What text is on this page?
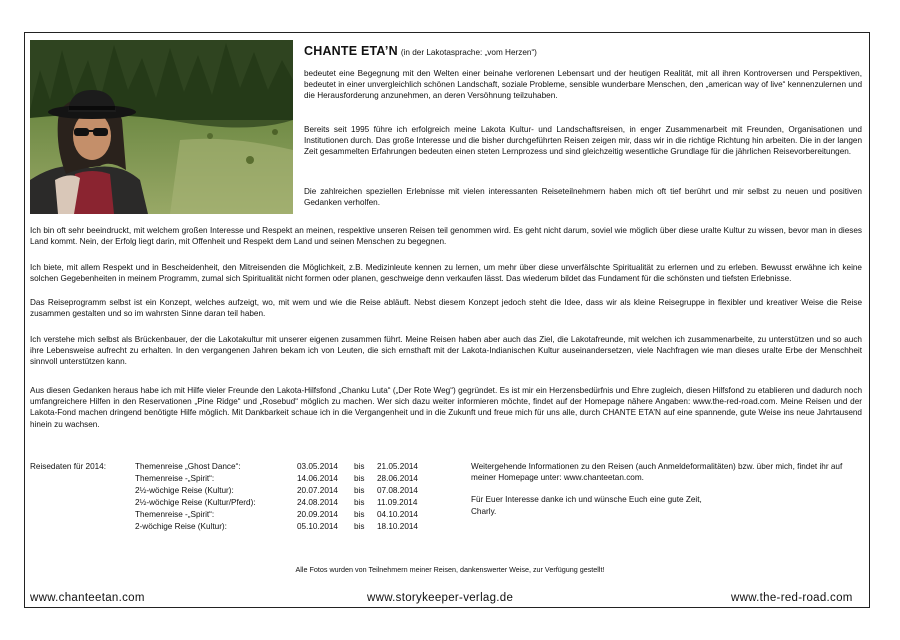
CHANTE ETA’N (in der Lakotasprache: „vom Herzen“)

bedeutet eine Begegnung mit den Welten einer beinahe verlorenen Lebensart und der heutigen Realität, mit all ihren Kontroversen und Perspektiven, bedeutet in einer unvergleichlich schönen Landschaft, soziale Probleme, sensible wunderbare Menschen, den „american way of live“ kennenzulernen und die Herausforderung anzunehmen, an deren Versöhnung teilzuhaben.

Bereits seit 1995 führe ich erfolgreich meine Lakota Kultur- und Landschaftsreisen, in enger Zusammenarbeit mit Freunden, Organisationen und Institutionen durch. Das große Interesse und die bisher durchgeführten Reisen zeigen mir, dass wir in die richtige Richtung hin arbeiten. Die in der langen Zeit gesammelten Erfahrungen bedeuten einen steten Lernprozess und sind gleichzeitig wesentliche Grundlage für die jährlichen Reisevorbereitungen.

Die zahlreichen speziellen Erlebnisse mit vielen interessanten Reiseteilnehmern haben mich oft tief berührt und mir selbst zu neuen und positiven Gedanken verholfen.

Ich bin oft sehr beeindruckt, mit welchem großen Interesse und Respekt an meinen, respektive unseren Reisen teil genommen wird. Es geht nicht darum, soviel wie möglich über diese uralte Kultur zu wissen, bevor man in dieses Land kommt. Nein, der Erfolg liegt darin, mit Offenheit und Respekt dem Land und seinen Menschen zu begegnen.

Ich biete, mit allem Respekt und in Bescheidenheit, den Mitreisenden die Möglichkeit, z.B. Medizinleute kennen zu lernen, um mehr über diese unverfälschte Spiritualität zu erlernen und zu erleben. Bewusst erwähne ich keine solchen Gegebenheiten in meinem Programm, zumal sich Spiritualität nicht formen oder planen, geschweige denn verkaufen lässt. Das wiederum bildet das Fundament für die schönsten und tiefsten Erlebnisse.

Das Reiseprogramm selbst ist ein Konzept, welches aufzeigt, wo, mit wem und wie die Reise abläuft. Nebst diesem Konzept jedoch steht die Idee, dass wir als kleine Reisegruppe in flexibler und kreativer Weise die Reise zusammen gestalten und so im wahrsten Sinne daran teil haben.

Ich verstehe mich selbst als Brückenbauer, der die Lakotakultur mit unserer eigenen zusammen führt. Meine Reisen haben aber auch das Ziel, die Lakotafreunde, mit welchen ich zusammenarbeite, zu unterstützen und so auch ihre Lebensweise aufrecht zu erhalten. In den vergangenen Jahren bekam ich von Leuten, die sich ernsthaft mit der Lakota-Indianischen Kultur auseinandersetzen, viele Nachfragen wie man dieses uralte Erbe der Menschheit sinnvoll unterstützen kann.

Aus diesen Gedanken heraus habe ich mit Hilfe vieler Freunde den Lakota-Hilfsfond „Chanku Luta“ („Der Rote Weg“) gegründet. Es ist mir ein Herzensbedürfnis und Ehre zugleich, diesen Hilfsfond zu etablieren und dadurch noch umfangreichere Hilfen in den Reservationen „Pine Ridge“ und „Rosebud“ möglich zu machen. Wer sich dazu weiter informieren möchte, findet auf der Homepage nähere Angaben: www.the-red-road.com. Meine Reisen und der Lakota-Fond machen dringend benötigte Hilfe möglich. Mit Dankbarkeit schaue ich in die Vergangenheit und in die Zukunft und freue mich für uns alle, durch CHANTE ETA’N auf eine spannende, gute Weise ins neue Jahrtausend hinein zu wachsen.

Reisedaten für 2014:	Themenreise „Ghost Dance“:	03.05.2014 bis 21.05.2014
Themenreise -„Spirit“:	14.06.2014 bis 28.06.2014
2½-wöchige Reise (Kultur):	20.07.2014 bis 07.08.2014
2½-wöchige Reise (Kultur/Pferd):	24.08.2014 bis 11.09.2014
Themenreise -„Spirit“:	20.09.2014 bis 04.10.2014
2-wöchige Reise (Kultur):	05.10.2014 bis 18.10.2014

Weitergehende Informationen zu den Reisen (auch Anmeldeformalitäten) bzw. über mich, findet ihr auf meiner Homepage unter: www.chanteetan.com.

Für Euer Interesse danke ich und wünsche Euch eine gute Zeit,

Charly.

Alle Fotos wurden von Teilnehmern meiner Reisen, dankenswerter Weise, zur Verfügung gestellt!
www.chanteetan.com	www.storykeeper-verlag.de	www.the-red-road.com
